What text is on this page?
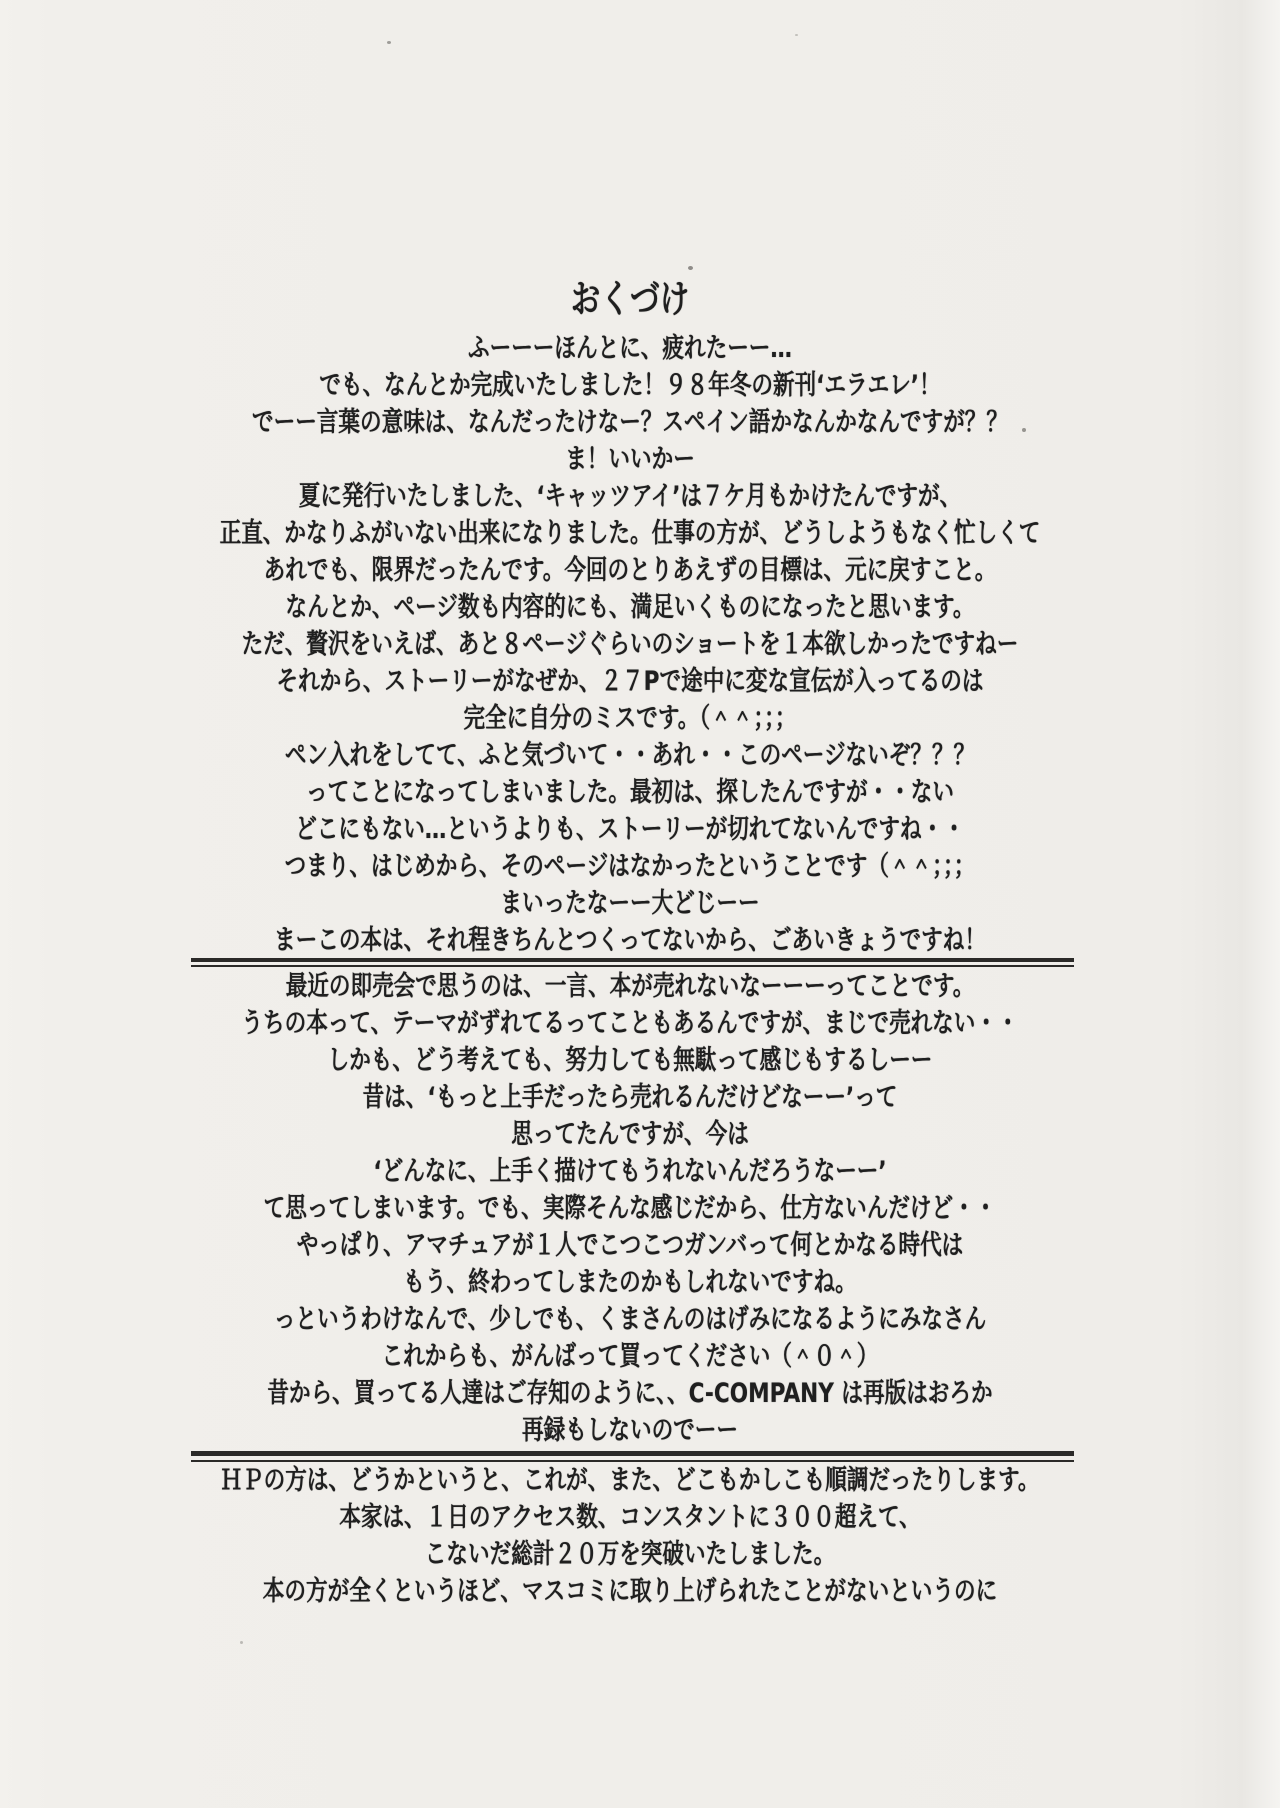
おくづけ
ふーーーほんとに、疲れたーー…
でも、なんとか完成いたしました！９８年冬の新刊‘エラエレ’！
でーー言葉の意味は、なんだったけなー？スペイン語かなんかなんですが？？
ま！いいかー
夏に発行いたしました、‘キャッツアイ’は７ケ月もかけたんですが、
正直、かなりふがいない出来になりました。仕事の方が、どうしようもなく忙しくて
あれでも、限界だったんです。今回のとりあえずの目標は、元に戻すこと。
なんとか、ページ数も内容的にも、満足いくものになったと思います。
ただ、贅沢をいえば、あと８ページぐらいのショートを１本欲しかったですねー
それから、ストーリーがなぜか、２７Pで途中に変な宣伝が入ってるのは
完全に自分のミスです。（＾＾；；；
ペン入れをしてて、ふと気づいて・・あれ・・このページないぞ？？？
ってことになってしまいました。最初は、探したんですが・・ない
どこにもない…というよりも、ストーリーが切れてないんですね・・
つまり、はじめから、そのページはなかったということです（＾＾；；；
まいったなーー大どじーー
まーこの本は、それ程きちんとつくってないから、ごあいきょうですね！
最近の即売会で思うのは、一言、本が売れないなーーーってことです。
うちの本って、テーマがずれてるってこともあるんですが、まじで売れない・・
しかも、どう考えても、努力しても無駄って感じもするしーー
昔は、‘もっと上手だったら売れるんだけどなーー’って
思ってたんですが、今は
‘どんなに、上手く描けてもうれないんだろうなーー’
て思ってしまいます。でも、実際そんな感じだから、仕方ないんだけど・・
やっぱり、アマチュアが１人でこつこつガンバって何とかなる時代は
もう、終わってしまたのかもしれないですね。
っというわけなんで、少しでも、くまさんのはげみになるようにみなさん
これからも、がんばって買ってください（＾０＾）
昔から、買ってる人達はご存知のように、、C-COMPANY は再版はおろか
再録もしないのでーー
ＨＰの方は、どうかというと、これが、また、どこもかしこも順調だったりします。
本家は、１日のアクセス数、コンスタントに３００超えて、
こないだ総計２０万を突破いたしました。
本の方が全くというほど、マスコミに取り上げられたことがないというのに
